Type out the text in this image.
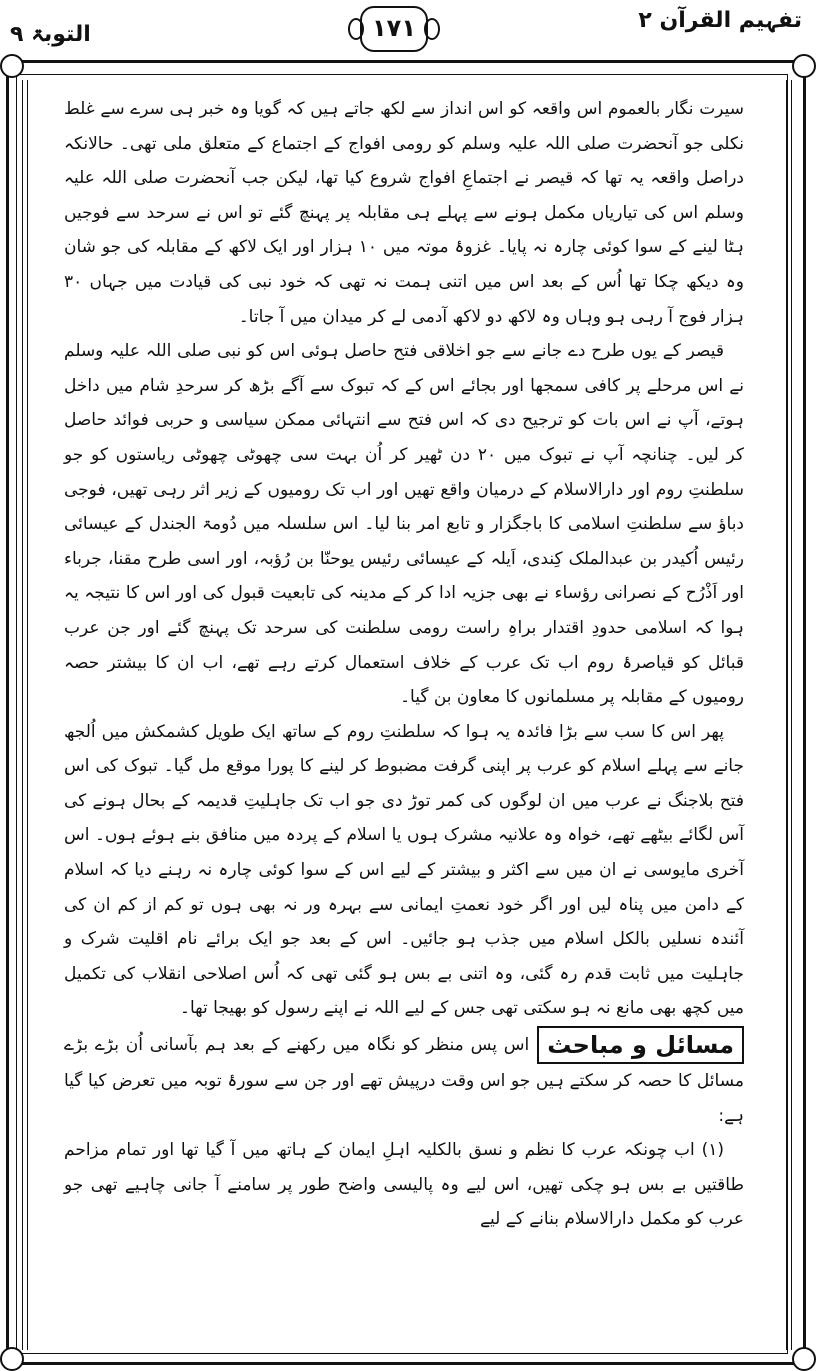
التوبۃ ۹	۱۷۱	تفہیم القرآن ۲

سیرت نگار بالعموم اس واقعہ کو اس انداز سے لکھ جاتے ہیں کہ گویا وہ خبر ہی سرے سے غلط نکلی جو آنحضرت صلی اللہ علیہ وسلم کو رومی افواج کے اجتماع کے متعلق ملی تھی۔ حالانکہ دراصل واقعہ یہ تھا کہ قیصر نے اجتماعِ افواج شروع کیا تھا، لیکن جب آنحضرت صلی اللہ علیہ وسلم اس کی تیاریاں مکمل ہونے سے پہلے ہی مقابلہ پر پہنچ گئے تو اس نے سرحد سے فوجیں ہٹا لینے کے سوا کوئی چارہ نہ پایا۔ غزوۂ موتہ میں ۱۰ ہزار اور ایک لاکھ کے مقابلہ کی جو شان وہ دیکھ چکا تھا اُس کے بعد اس میں اتنی ہمت نہ تھی کہ خود نبی کی قیادت میں جہاں ۳۰ ہزار فوج آ رہی ہو وہاں وہ لاکھ دو لاکھ آدمی لے کر میدان میں آ جاتا۔

قیصر کے یوں طرح دے جانے سے جو اخلاقی فتح حاصل ہوئی اس کو نبی صلی اللہ علیہ وسلم نے اس مرحلے پر کافی سمجھا اور بجائے اس کے کہ تبوک سے آگے بڑھ کر سرحدِ شام میں داخل ہوتے، آپ نے اس بات کو ترجیح دی کہ اس فتح سے انتہائی ممکن سیاسی و حربی فوائد حاصل کر لیں۔ چنانچہ آپ نے تبوک میں ۲۰ دن ٹھیر کر اُن بہت سی چھوٹی چھوٹی ریاستوں کو جو سلطنتِ روم اور دارالاسلام کے درمیان واقع تھیں اور اب تک رومیوں کے زیر اثر رہی تھیں، فوجی دباؤ سے سلطنتِ اسلامی کا باجگزار و تابع امر بنا لیا۔ اس سلسلہ میں دُومۃ الجندل کے عیسائی رئیس اُکیدر بن عبدالملک کِندی، اَیلہ کے عیسائی رئیس یوحنّا بن رُؤبہ، اور اسی طرح مقنا، جرباء اور اَذْرُح کے نصرانی رؤساء نے بھی جزیہ ادا کر کے مدینہ کی تابعیت قبول کی اور اس کا نتیجہ یہ ہوا کہ اسلامی حدودِ اقتدار براہِ راست رومی سلطنت کی سرحد تک پہنچ گئے اور جن عرب قبائل کو قیاصرۂ روم اب تک عرب کے خلاف استعمال کرتے رہے تھے، اب ان کا بیشتر حصہ رومیوں کے مقابلہ پر مسلمانوں کا معاون بن گیا۔

پھر اس کا سب سے بڑا فائدہ یہ ہوا کہ سلطنتِ روم کے ساتھ ایک طویل کشمکش میں اُلجھ جانے سے پہلے اسلام کو عرب پر اپنی گرفت مضبوط کر لینے کا پورا موقع مل گیا۔ تبوک کی اس فتح بلاجنگ نے عرب میں ان لوگوں کی کمر توڑ دی جو اب تک جاہلیتِ قدیمہ کے بحال ہونے کی آس لگائے بیٹھے تھے، خواہ وہ علانیہ مشرک ہوں یا اسلام کے پردہ میں منافق بنے ہوئے ہوں۔ اس آخری مایوسی نے ان میں سے اکثر و بیشتر کے لیے اس کے سوا کوئی چارہ نہ رہنے دیا کہ اسلام کے دامن میں پناہ لیں اور اگر خود نعمتِ ایمانی سے بہرہ ور نہ بھی ہوں تو کم از کم ان کی آئندہ نسلیں بالکل اسلام میں جذب ہو جائیں۔ اس کے بعد جو ایک برائے نام اقلیت شرک و جاہلیت میں ثابت قدم رہ گئی، وہ اتنی بے بس ہو گئی تھی کہ اُس اصلاحی انقلاب کی تکمیل میں کچھ بھی مانع نہ ہو سکتی تھی جس کے لیے اللہ نے اپنے رسول کو بھیجا تھا۔

مسائل و مباحثاس پس منظر کو نگاہ میں رکھنے کے بعد ہم بآسانی اُن بڑے بڑے مسائل کا حصہ کر سکتے ہیں جو اس وقت درپیش تھے اور جن سے سورۂ توبہ میں تعرض کیا گیا ہے:

(۱) اب چونکہ عرب کا نظم و نسق بالکلیہ اہلِ ایمان کے ہاتھ میں آ گیا تھا اور تمام مزاحم طاقتیں بے بس ہو چکی تھیں، اس لیے وہ پالیسی واضح طور پر سامنے آ جانی چاہیے تھی جو عرب کو مکمل دارالاسلام بنانے کے لیے
